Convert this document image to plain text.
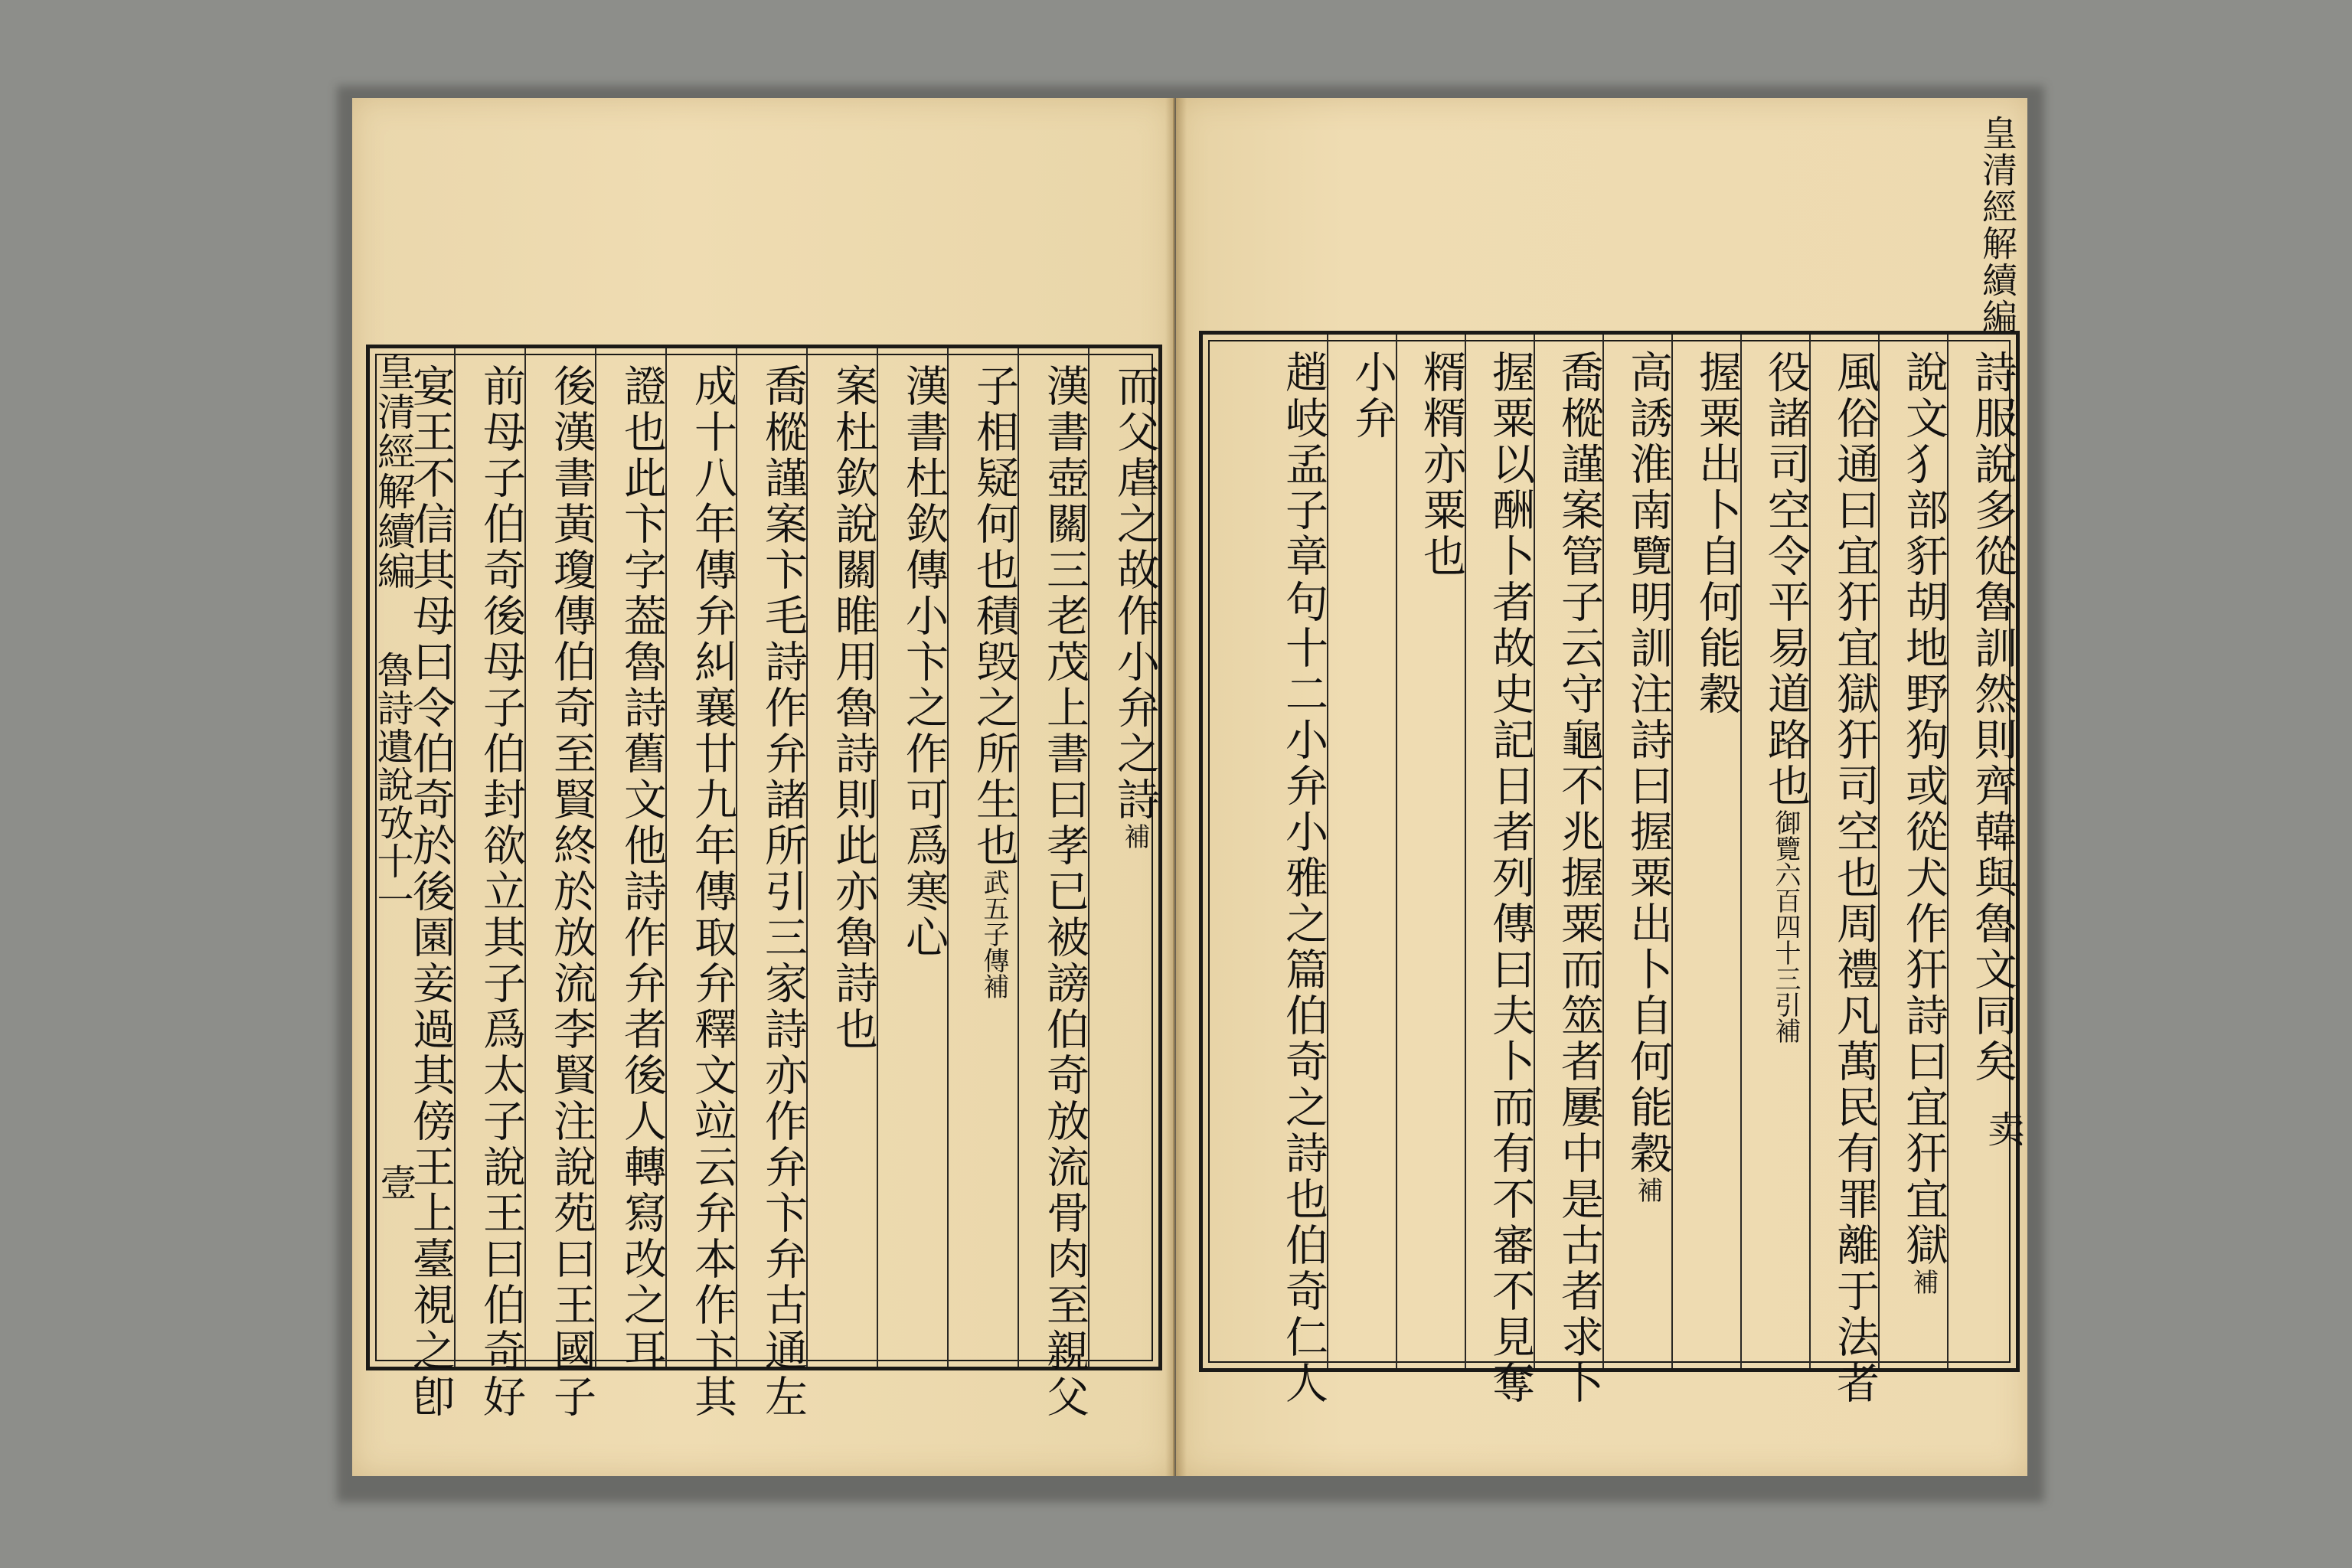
皇清經解續編
魯詩遺說攷十一
壹
而父虐之故作小弁之詩補
漢書壺關三老茂上書曰孝已被謗伯奇放流骨肉至親父
子相疑何也積毁之所生也武五子傳補
漢書杜欽傳小卞之作可爲寒心
案杜欽說關睢用魯詩則此亦魯詩也
喬樅謹案卞毛詩作弁諸所引三家詩亦作弁卞弁古通左
成十八年傳弁糾襄廿九年傳取弁釋文竝云弁本作卞其
證也此卞字葢魯詩舊文他詩作弁者後人轉寫改之耳
後漢書黃瓊傳伯奇至賢終於放流李賢注說苑曰王國子
前母子伯奇後母子伯封欲立其子爲太子說王曰伯奇好
宴王不信其母曰令伯奇於後園妾過其傍王上臺視之卽	詩服說多從魯訓然則齊韓與魯文同矣
說文犭部豻胡地野狗或從犬作犴詩曰宜犴宜獄補
風俗通曰宜犴宜獄犴司空也周禮凡萬民有罪離于法者
役諸司空令平易道路也御覽六百四十三引補
握粟出卜自何能穀
高誘淮南覽明訓注詩曰握粟出卜自何能穀補
喬樅謹案管子云守龜不兆握粟而筮者屢中是古者求卜
握粟以酬卜者故史記日者列傳曰夫卜而有不審不見奪
糈糈亦粟也
小弁
趙岐孟子章句十二小弁小雅之篇伯奇之詩也伯奇仁人
皇清經解續編
卖
